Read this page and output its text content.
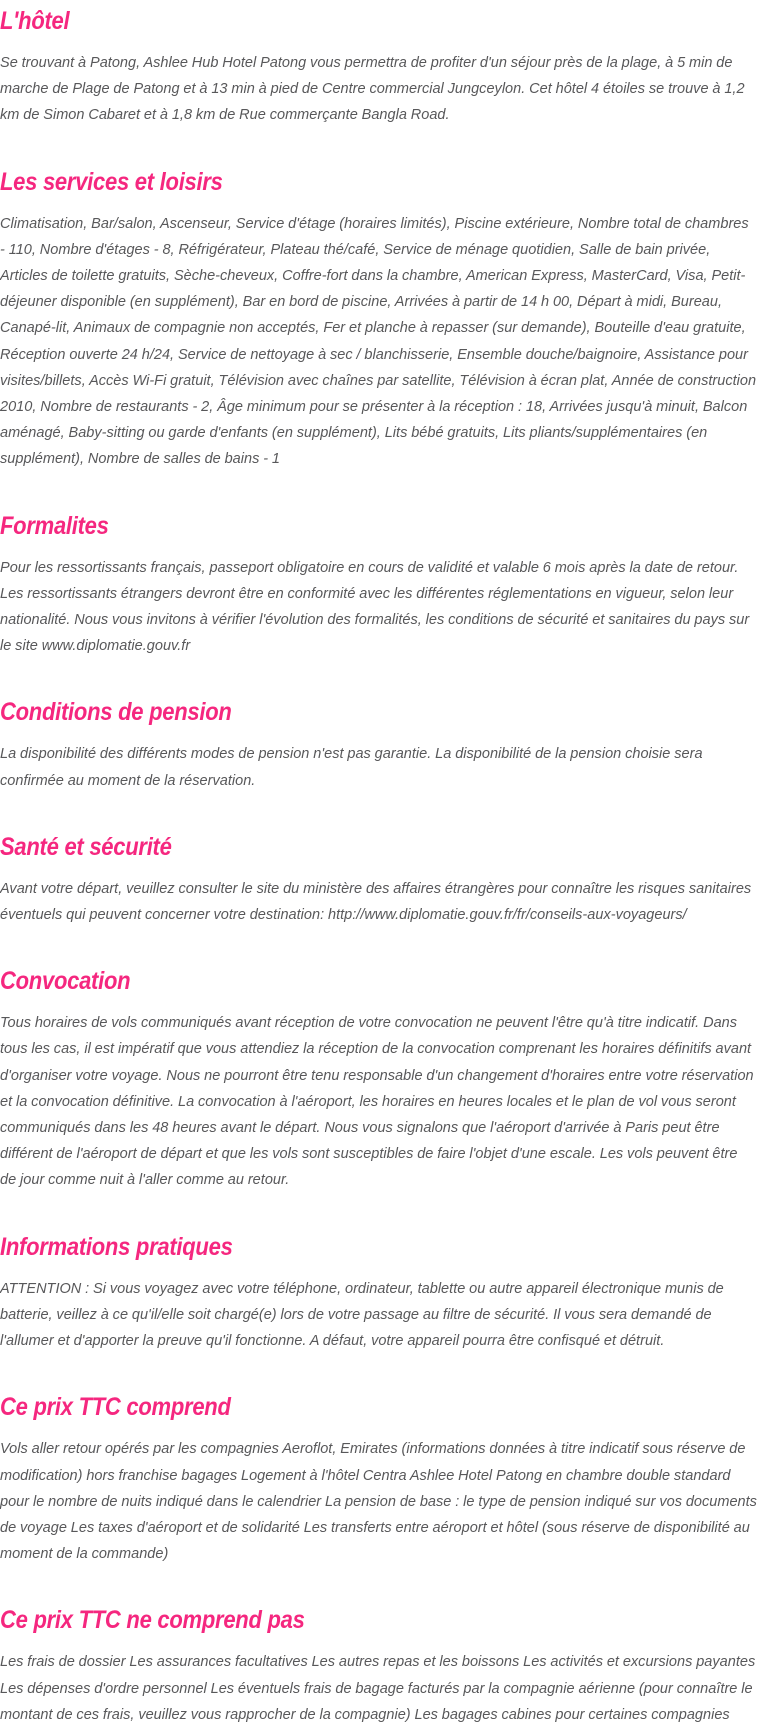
L'hôtel

Se trouvant à Patong, Ashlee Hub Hotel Patong vous permettra de profiter d'un séjour près de la plage, à 5 min de marche de Plage de Patong et à 13 min à pied de Centre commercial Jungceylon. Cet hôtel 4 étoiles se trouve à 1,2 km de Simon Cabaret et à 1,8 km de Rue commerçante Bangla Road.

Les services et loisirs

Climatisation, Bar/salon, Ascenseur, Service d'étage (horaires limités), Piscine extérieure, Nombre total de chambres - 110, Nombre d'étages - 8, Réfrigérateur, Plateau thé/café, Service de ménage quotidien, Salle de bain privée, Articles de toilette gratuits, Sèche-cheveux, Coffre-fort dans la chambre, American Express, MasterCard, Visa, Petit-déjeuner disponible (en supplément), Bar en bord de piscine, Arrivées à partir de 14 h 00, Départ à midi, Bureau, Canapé-lit, Animaux de compagnie non acceptés, Fer et planche à repasser (sur demande), Bouteille d'eau gratuite, Réception ouverte 24 h/24, Service de nettoyage à sec / blanchisserie, Ensemble douche/baignoire, Assistance pour visites/billets, Accès Wi-Fi gratuit, Télévision avec chaînes par satellite, Télévision à écran plat, Année de construction 2010, Nombre de restaurants - 2, Âge minimum pour se présenter à la réception : 18, Arrivées jusqu'à minuit, Balcon aménagé, Baby-sitting ou garde d'enfants (en supplément), Lits bébé gratuits, Lits pliants/supplémentaires (en supplément), Nombre de salles de bains - 1

Formalites

Pour les ressortissants français, passeport obligatoire en cours de validité et valable 6 mois après la date de retour. Les ressortissants étrangers devront être en conformité avec les différentes réglementations en vigueur, selon leur nationalité. Nous vous invitons à vérifier l'évolution des formalités, les conditions de sécurité et sanitaires du pays sur le site www.diplomatie.gouv.fr

Conditions de pension

La disponibilité des différents modes de pension n'est pas garantie. La disponibilité de la pension choisie sera confirmée au moment de la réservation.

Santé et sécurité

Avant votre départ, veuillez consulter le site du ministère des affaires étrangères pour connaître les risques sanitaires éventuels qui peuvent concerner votre destination: http://www.diplomatie.gouv.fr/fr/conseils-aux-voyageurs/

Convocation

Tous horaires de vols communiqués avant réception de votre convocation ne peuvent l'être qu'à titre indicatif. Dans tous les cas, il est impératif que vous attendiez la réception de la convocation comprenant les horaires définitifs avant d'organiser votre voyage. Nous ne pourront être tenu responsable d'un changement d'horaires entre votre réservation et la convocation définitive. La convocation à l'aéroport, les horaires en heures locales et le plan de vol vous seront communiqués dans les 48 heures avant le départ. Nous vous signalons que l'aéroport d'arrivée à Paris peut être différent de l'aéroport de départ et que les vols sont susceptibles de faire l'objet d'une escale. Les vols peuvent être de jour comme nuit à l'aller comme au retour.

Informations pratiques

ATTENTION : Si vous voyagez avec votre téléphone, ordinateur, tablette ou autre appareil électronique munis de batterie, veillez à ce qu'il/elle soit chargé(e) lors de votre passage au filtre de sécurité. Il vous sera demandé de l'allumer et d'apporter la preuve qu'il fonctionne. A défaut, votre appareil pourra être confisqué et détruit.

Ce prix TTC comprend

Vols aller retour opérés par les compagnies Aeroflot, Emirates (informations données à titre indicatif sous réserve de modification) hors franchise bagages Logement à l'hôtel Centra Ashlee Hotel Patong en chambre double standard pour le nombre de nuits indiqué dans le calendrier La pension de base : le type de pension indiqué sur vos documents de voyage Les taxes d'aéroport et de solidarité Les transferts entre aéroport et hôtel (sous réserve de disponibilité au moment de la commande)

Ce prix TTC ne comprend pas

Les frais de dossier Les assurances facultatives Les autres repas et les boissons Les activités et excursions payantes Les dépenses d'ordre personnel Les éventuels frais de bagage facturés par la compagnie aérienne (pour connaître le montant de ces frais, veuillez vous rapprocher de la compagnie) Les bagages cabines pour certaines compagnies
